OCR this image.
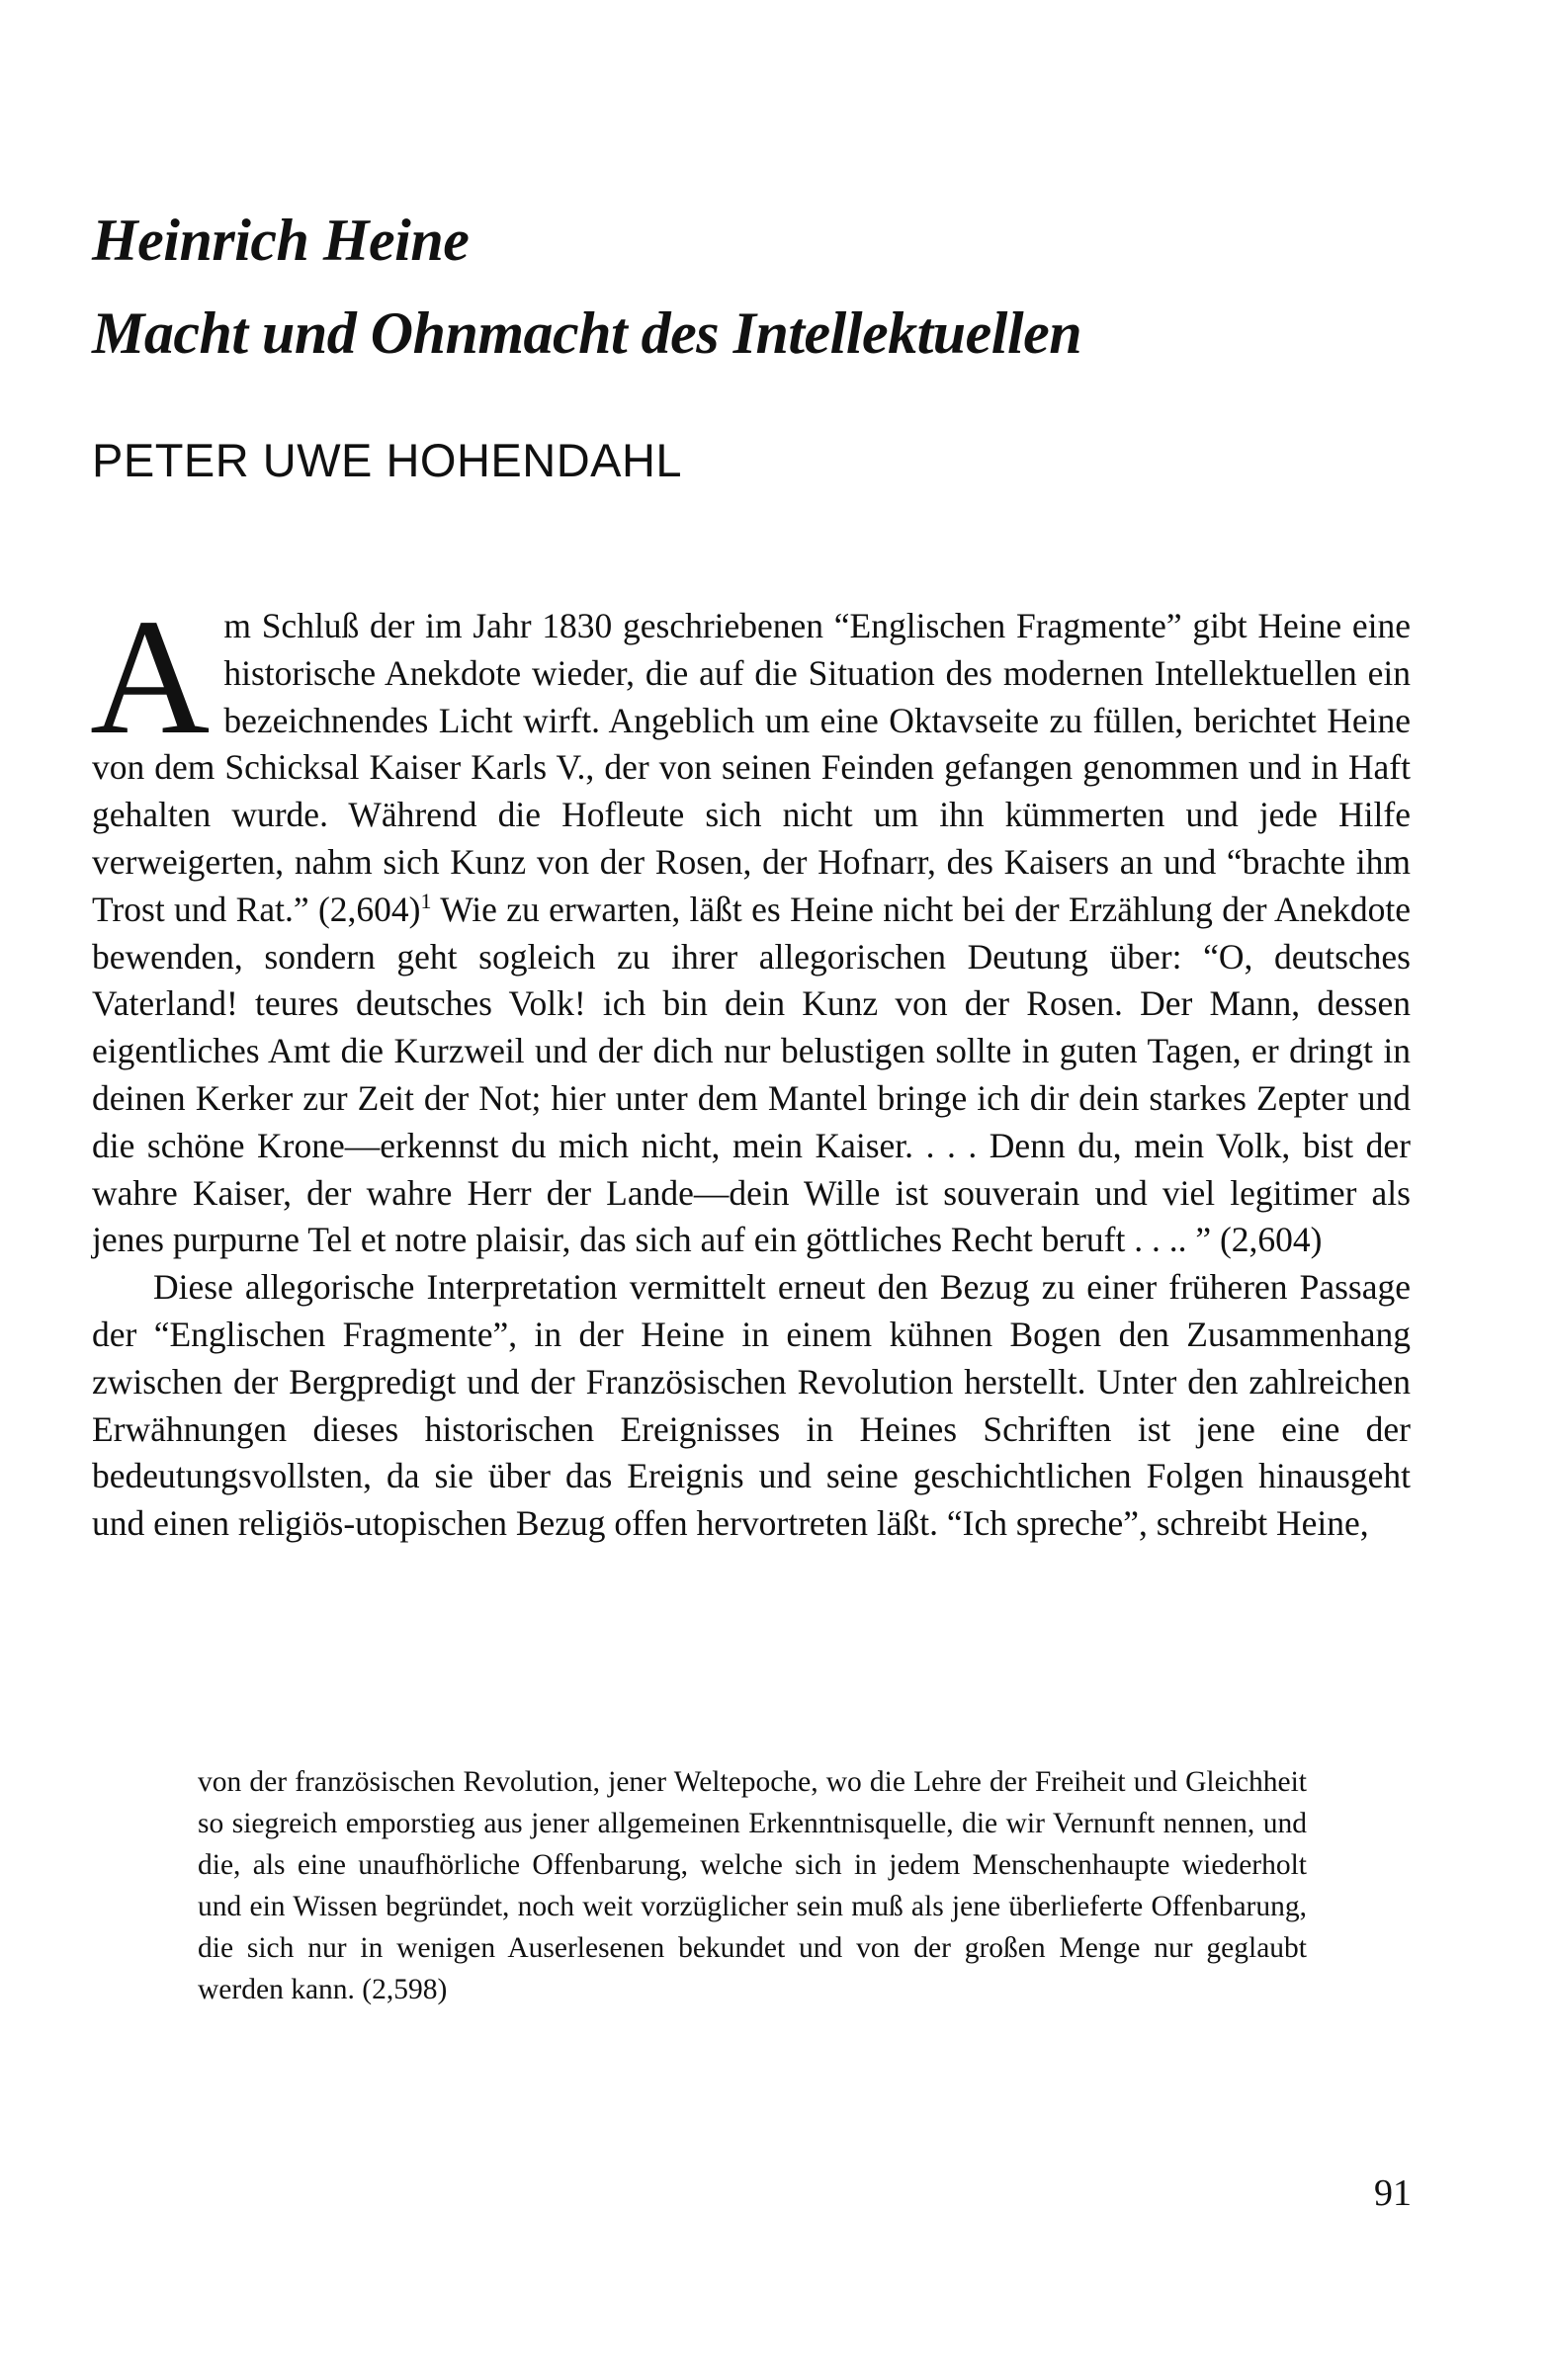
Heinrich Heine
Macht und Ohnmacht des Intellektuellen
PETER UWE HOHENDAHL

Am Schluß der im Jahr 1830 geschriebenen “Englischen Fragmente” gibt Heine eine historische Anekdote wieder, die auf die Situation des modernen Intellektuellen ein bezeichnendes Licht wirft. Angeblich um eine Oktavseite zu füllen, berichtet Heine von dem Schicksal Kaiser Karls V., der von seinen Feinden gefangen genommen und in Haft gehalten wurde. Während die Hofleute sich nicht um ihn kümmerten und jede Hilfe verweigerten, nahm sich Kunz von der Rosen, der Hofnarr, des Kaisers an und “brachte ihm Trost und Rat.” (2,604)$^1$ Wie zu erwarten, läßt es Heine nicht bei der Erzählung der Anekdote bewenden, sondern geht sogleich zu ihrer allegorischen Deutung über: “O, deutsches Vaterland! teures deutsches Volk! ich bin dein Kunz von der Rosen. Der Mann, dessen eigentliches Amt die Kurzweil und der dich nur belustigen sollte in guten Tagen, er dringt in deinen Kerker zur Zeit der Not; hier unter dem Mantel bringe ich dir dein starkes Zepter und die schöne Krone—erkennst du mich nicht, mein Kaiser. . . . Denn du, mein Volk, bist der wahre Kaiser, der wahre Herr der Lande—dein Wille ist souverain und viel legitimer als jenes purpurne Tel et notre plaisir, das sich auf ein göttliches Recht beruft . . .. ” (2,604)

Diese allegorische Interpretation vermittelt erneut den Bezug zu einer früheren Passage der “Englischen Fragmente”, in der Heine in einem kühnen Bogen den Zusammenhang zwischen der Bergpredigt und der Französischen Revolution herstellt. Unter den zahlreichen Erwähnungen dieses historischen Ereignisses in Heines Schriften ist jene eine der bedeutungsvollsten, da sie über das Ereignis und seine geschichtlichen Folgen hinausgeht und einen religiös-utopischen Bezug offen hervortreten läßt. “Ich spreche”, schreibt Heine,

von der französischen Revolution, jener Weltepoche, wo die Lehre der Freiheit und Gleichheit so siegreich emporstieg aus jener allgemeinen Erkenntnisquelle, die wir Vernunft nennen, und die, als eine unaufhörliche Offenbarung, welche sich in jedem Menschenhaupte wiederholt und ein Wissen begründet, noch weit vorzüglicher sein muß als jene überlieferte Offenbarung, die sich nur in wenigen Auserlesenen bekundet und von der großen Menge nur geglaubt werden kann. (2,598)

91
